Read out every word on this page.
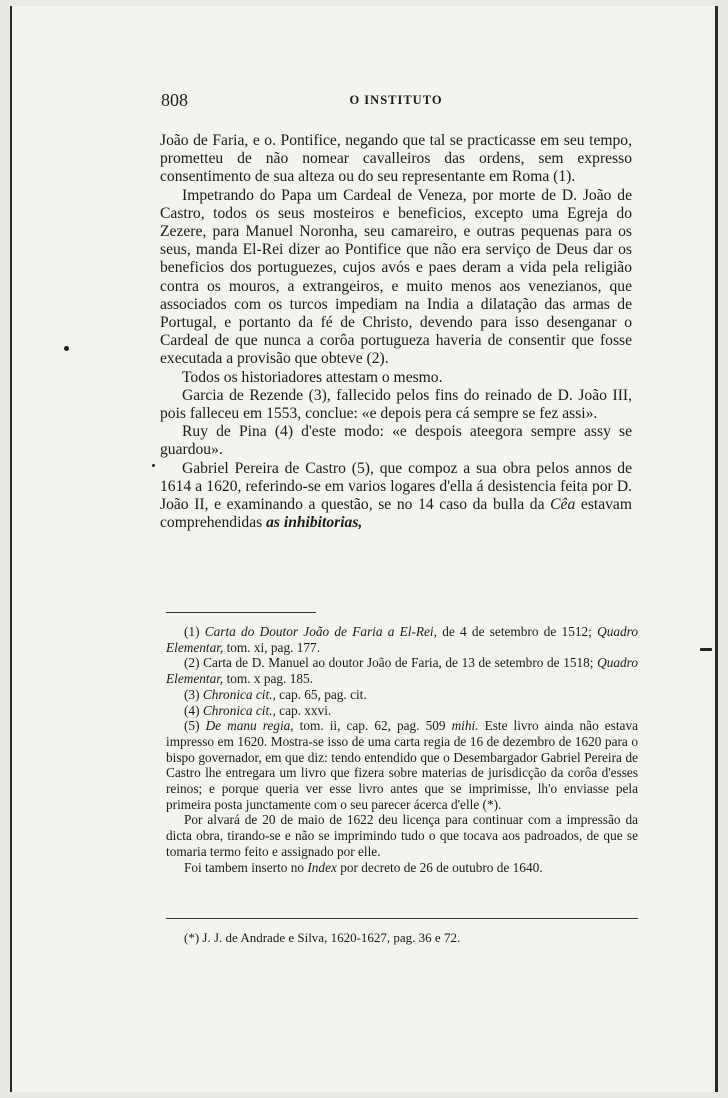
808	O INSTITUTO

João de Faria, e o. Pontifice, negando que tal se practicasse em seu tempo, prometteu de não nomear cavalleiros das ordens, sem expresso consentimento de sua alteza ou do seu representante em Roma (1).

Impetrando do Papa um Cardeal de Veneza, por morte de D. João de Castro, todos os seus mosteiros e beneficios, excepto uma Egreja do Zezere, para Manuel Noronha, seu camareiro, e outras pequenas para os seus, manda El-Rei dizer ao Pontifice que não era serviço de Deus dar os beneficios dos portuguezes, cujos avós e paes deram a vida pela religião contra os mouros, a extrangeiros, e muito menos aos venezianos, que associados com os turcos impediam na India a dilatação das armas de Portugal, e portanto da fé de Christo, devendo para isso desenganar o Cardeal de que nunca a corôa portugueza haveria de consentir que fosse executada a provisão que obteve (2).

Todos os historiadores attestam o mesmo.

Garcia de Rezende (3), fallecido pelos fins do reinado de D. João III, pois falleceu em 1553, conclue: «e depois pera cá sempre se fez assi».

Ruy de Pina (4) d'este modo: «e despois ateegora sempre assy se guardou».

Gabriel Pereira de Castro (5), que compoz a sua obra pelos annos de 1614 a 1620, referindo-se em varios logares d'ella á desistencia feita por D. João II, e examinando a questão, se no 14 caso da bulla da Cêa estavam comprehendidas as inhibitorias,

(1) Carta do Doutor João de Faria a El-Rei, de 4 de setembro de 1512; Quadro Elementar, tom. xi, pag. 177.

(2) Carta de D. Manuel ao doutor João de Faria, de 13 de setembro de 1518; Quadro Elementar, tom. x pag. 185.

(3) Chronica cit., cap. 65, pag. cit.

(4) Chronica cit., cap. xxvi.

(5) De manu regia, tom. ii, cap. 62, pag. 509 mihi. Este livro ainda não estava impresso em 1620. Mostra-se isso de uma carta regia de 16 de dezembro de 1620 para o bispo governador, em que diz: tendo entendido que o Desembargador Gabriel Pereira de Castro lhe entregara um livro que fizera sobre materias de jurisdicção da corôa d'esses reinos; e porque queria ver esse livro antes que se imprimisse, lh'o enviasse pela primeira posta junctamente com o seu parecer ácerca d'elle (*).

Por alvará de 20 de maio de 1622 deu licença para continuar com a impressão da dicta obra, tirando-se e não se imprimindo tudo o que tocava aos padroados, de que se tomaria termo feito e assignado por elle.

Foi tambem inserto no Index por decreto de 26 de outubro de 1640.

(*) J. J. de Andrade e Silva, 1620-1627, pag. 36 e 72.
